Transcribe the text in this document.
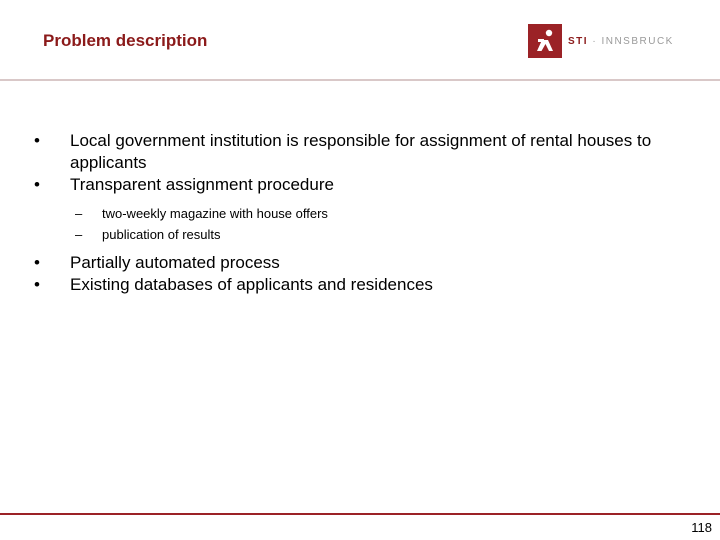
Problem description	STI · INNSBRUCK
• Local government institution is responsible for assignment of rental houses to applicants
• Transparent assignment procedure
– two-weekly magazine with house offers
– publication of results
• Partially automated process
• Existing databases of applicants and residences
118
